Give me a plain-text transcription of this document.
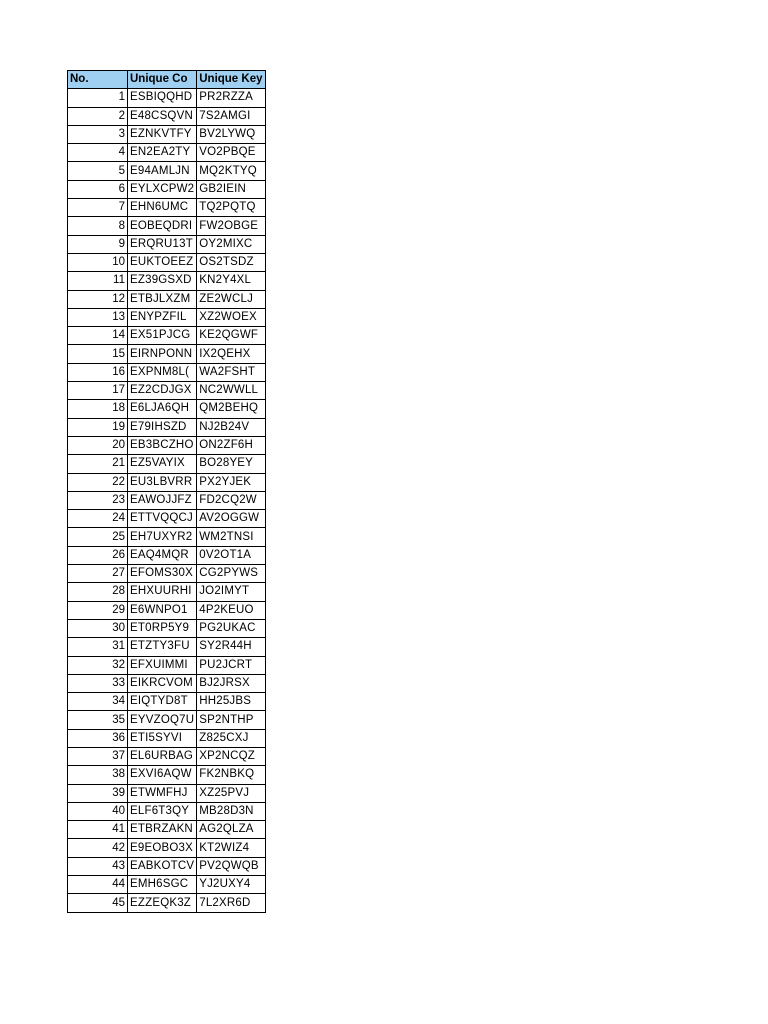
No.	Unique Co	Unique Key
1	ESBIQQHD	PR2RZZA
2	E48CSQVN	7S2AMGI
3	EZNKVTFY	BV2LYWQ
4	EN2EA2TY	VO2PBQE
5	E94AMLJN	MQ2KTYQ
6	EYLXCPW2	GB2IEIN
7	EHN6UMC	TQ2PQTQ
8	EOBEQDRI	FW2OBGE
9	ERQRU13T	OY2MIXC
10	EUKTOEEZ	OS2TSDZ
11	EZ39GSXD	KN2Y4XL
12	ETBJLXZM	ZE2WCLJ
13	ENYPZFIL	XZ2WOEX
14	EX51PJCG	KE2QGWF
15	EIRNPONN	IX2QEHX
16	EXPNM8L(	WA2FSHT
17	EZ2CDJGX	NC2WWLL
18	E6LJA6QH	QM2BEHQ
19	E79IHSZD	NJ2B24V
20	EB3BCZHO	ON2ZF6H
21	EZ5VAYIX	BO28YEY
22	EU3LBVRR	PX2YJEK
23	EAWOJJFZ	FD2CQ2W
24	ETTVQQCJ	AV2OGGW
25	EH7UXYR2	WM2TNSI
26	EAQ4MQR	0V2OT1A
27	EFOMS30X	CG2PYWS
28	EHXUURHI	JO2IMYT
29	E6WNPO1	4P2KEUO
30	ET0RP5Y9	PG2UKAC
31	ETZTY3FU	SY2R44H
32	EFXUIMMI	PU2JCRT
33	EIKRCVOM	BJ2JRSX
34	EIQTYD8T	HH25JBS
35	EYVZOQ7U	SP2NTHP
36	ETI5SYVI	Z825CXJ
37	EL6URBAG	XP2NCQZ
38	EXVI6AQW	FK2NBKQ
39	ETWMFHJ	XZ25PVJ
40	ELF6T3QY	MB28D3N
41	ETBRZAKN	AG2QLZA
42	E9EOBO3X	KT2WIZ4
43	EABKOTCV	PV2QWQB
44	EMH6SGC	YJ2UXY4
45	EZZEQK3Z	7L2XR6D
